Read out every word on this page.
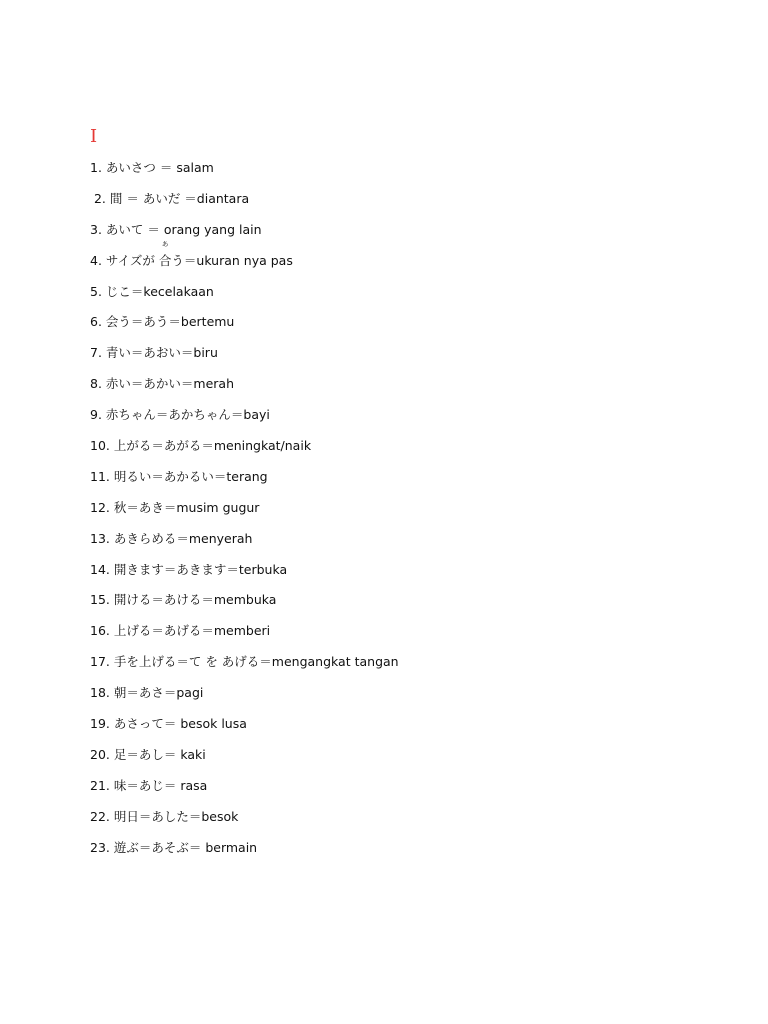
I
1. あいさつ ＝ salam
2. 間 ＝ あいだ ＝diantara
3. あいて ＝ orang yang lain
4. サイズが
あ
合 う＝ukuran nya pas
5. じこ＝kecelakaan
6. 会う＝あう＝bertemu
7. 青い＝あおい＝biru
8. 赤い＝あかい＝merah
9. 赤ちゃん＝あかちゃん＝bayi
10. 上がる＝あがる＝meningkat/naik
11. 明るい＝あかるい＝terang
12. 秋＝あき＝musim gugur
13. あきらめる＝menyerah
14. 開きます＝あきます＝terbuka
15. 開ける＝あける＝membuka
16. 上げる＝あげる＝memberi
17. 手を上げる＝て を あげる＝mengangkat tangan
18. 朝＝あさ＝pagi
19. あさって＝ besok lusa
20. 足＝あし＝ kaki
21. 味＝あじ＝ rasa
22. 明日＝あした＝besok
23. 遊ぶ＝あそぶ＝ bermain
